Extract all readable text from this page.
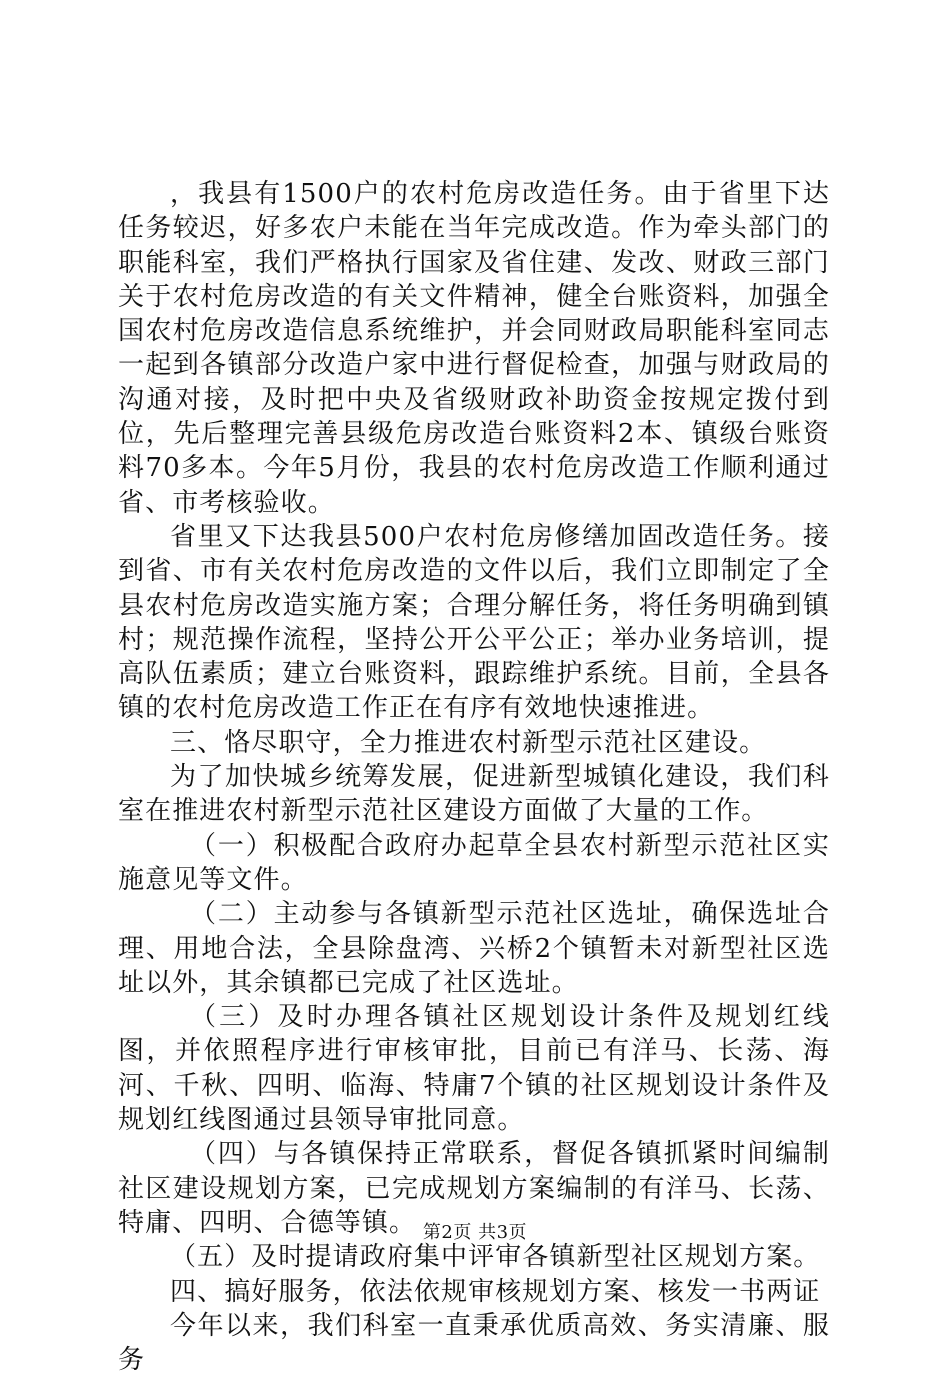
，我县有1500户的农村危房改造任务。由于省里下达任务较迟，好多农户未能在当年完成改造。作为牵头部门的职能科室，我们严格执行国家及省住建、发改、财政三部门关于农村危房改造的有关文件精神，健全台账资料，加强全国农村危房改造信息系统维护，并会同财政局职能科室同志一起到各镇部分改造户家中进行督促检查，加强与财政局的沟通对接，及时把中央及省级财政补助资金按规定拨付到位，先后整理完善县级危房改造台账资料2本、镇级台账资料70多本。今年5月份，我县的农村危房改造工作顺利通过省、市考核验收。

省里又下达我县500户农村危房修缮加固改造任务。接到省、市有关农村危房改造的文件以后，我们立即制定了全县农村危房改造实施方案；合理分解任务，将任务明确到镇村；规范操作流程，坚持公开公平公正；举办业务培训，提高队伍素质；建立台账资料，跟踪维护系统。目前，全县各镇的农村危房改造工作正在有序有效地快速推进。

三、恪尽职守，全力推进农村新型示范社区建设。

为了加快城乡统筹发展，促进新型城镇化建设，我们科室在推进农村新型示范社区建设方面做了大量的工作。

（一）积极配合政府办起草全县农村新型示范社区实施意见等文件。

（二）主动参与各镇新型示范社区选址，确保选址合理、用地合法，全县除盘湾、兴桥2个镇暂未对新型社区选址以外，其余镇都已完成了社区选址。

（三）及时办理各镇社区规划设计条件及规划红线图，并依照程序进行审核审批，目前已有洋马、长荡、海河、千秋、四明、临海、特庸7个镇的社区规划设计条件及规划红线图通过县领导审批同意。

（四）与各镇保持正常联系，督促各镇抓紧时间编制社区建设规划方案，已完成规划方案编制的有洋马、长荡、特庸、四明、合德等镇。

（五）及时提请政府集中评审各镇新型社区规划方案。

四、搞好服务，依法依规审核规划方案、核发一书两证

今年以来，我们科室一直秉承优质高效、务实清廉、服务

第2页 共3页
